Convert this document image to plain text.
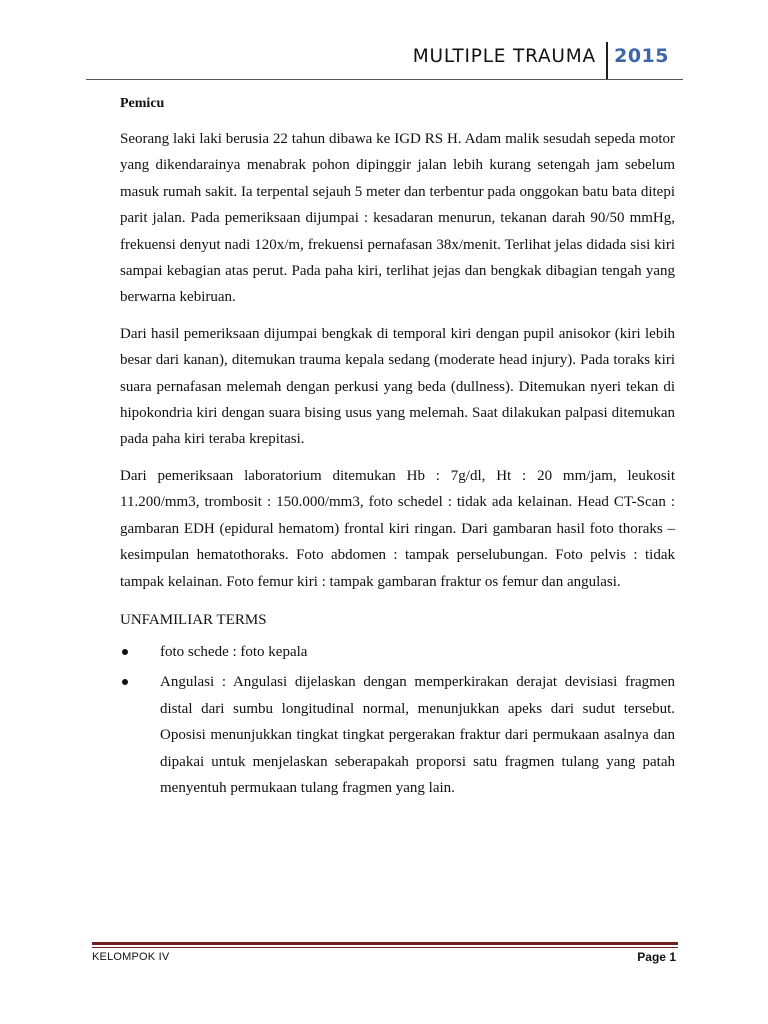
MULTIPLE TRAUMA 2015

Pemicu

Seorang laki laki berusia 22 tahun dibawa ke IGD RS H. Adam malik sesudah sepeda motor yang dikendarainya menabrak pohon dipinggir jalan lebih kurang setengah jam sebelum masuk rumah sakit. Ia terpental sejauh 5 meter dan terbentur pada onggokan batu bata ditepi parit jalan. Pada pemeriksaan dijumpai : kesadaran menurun, tekanan darah 90/50 mmHg, frekuensi denyut nadi 120x/m, frekuensi pernafasan 38x/menit. Terlihat jelas didada sisi kiri sampai kebagian atas perut. Pada paha kiri, terlihat jejas dan bengkak dibagian tengah yang berwarna kebiruan.

Dari hasil pemeriksaan dijumpai bengkak di temporal kiri dengan pupil anisokor (kiri lebih besar dari kanan), ditemukan trauma kepala sedang (moderate head injury). Pada toraks kiri suara pernafasan melemah dengan perkusi yang beda (dullness). Ditemukan nyeri tekan di hipokondria kiri dengan suara bising usus yang melemah. Saat dilakukan palpasi ditemukan pada paha kiri teraba krepitasi.

Dari pemeriksaan laboratorium ditemukan Hb : 7g/dl, Ht : 20 mm/jam, leukosit 11.200/mm3, trombosit : 150.000/mm3, foto schedel : tidak ada kelainan. Head CT-Scan : gambaran EDH (epidural hematom) frontal kiri ringan. Dari gambaran hasil foto thoraks – kesimpulan hematothoraks. Foto abdomen : tampak perselubungan. Foto pelvis : tidak tampak kelainan. Foto femur kiri : tampak gambaran fraktur os femur dan angulasi.

UNFAMILIAR TERMS

foto schede : foto kepala
Angulasi : Angulasi dijelaskan dengan memperkirakan derajat devisiasi fragmen distal dari sumbu longitudinal normal, menunjukkan apeks dari sudut tersebut. Oposisi menunjukkan tingkat tingkat pergerakan fraktur dari permukaan asalnya dan dipakai untuk menjelaskan seberapakah proporsi satu fragmen tulang yang patah menyentuh permukaan tulang fragmen yang lain.
KELOMPOK IV	Page 1
